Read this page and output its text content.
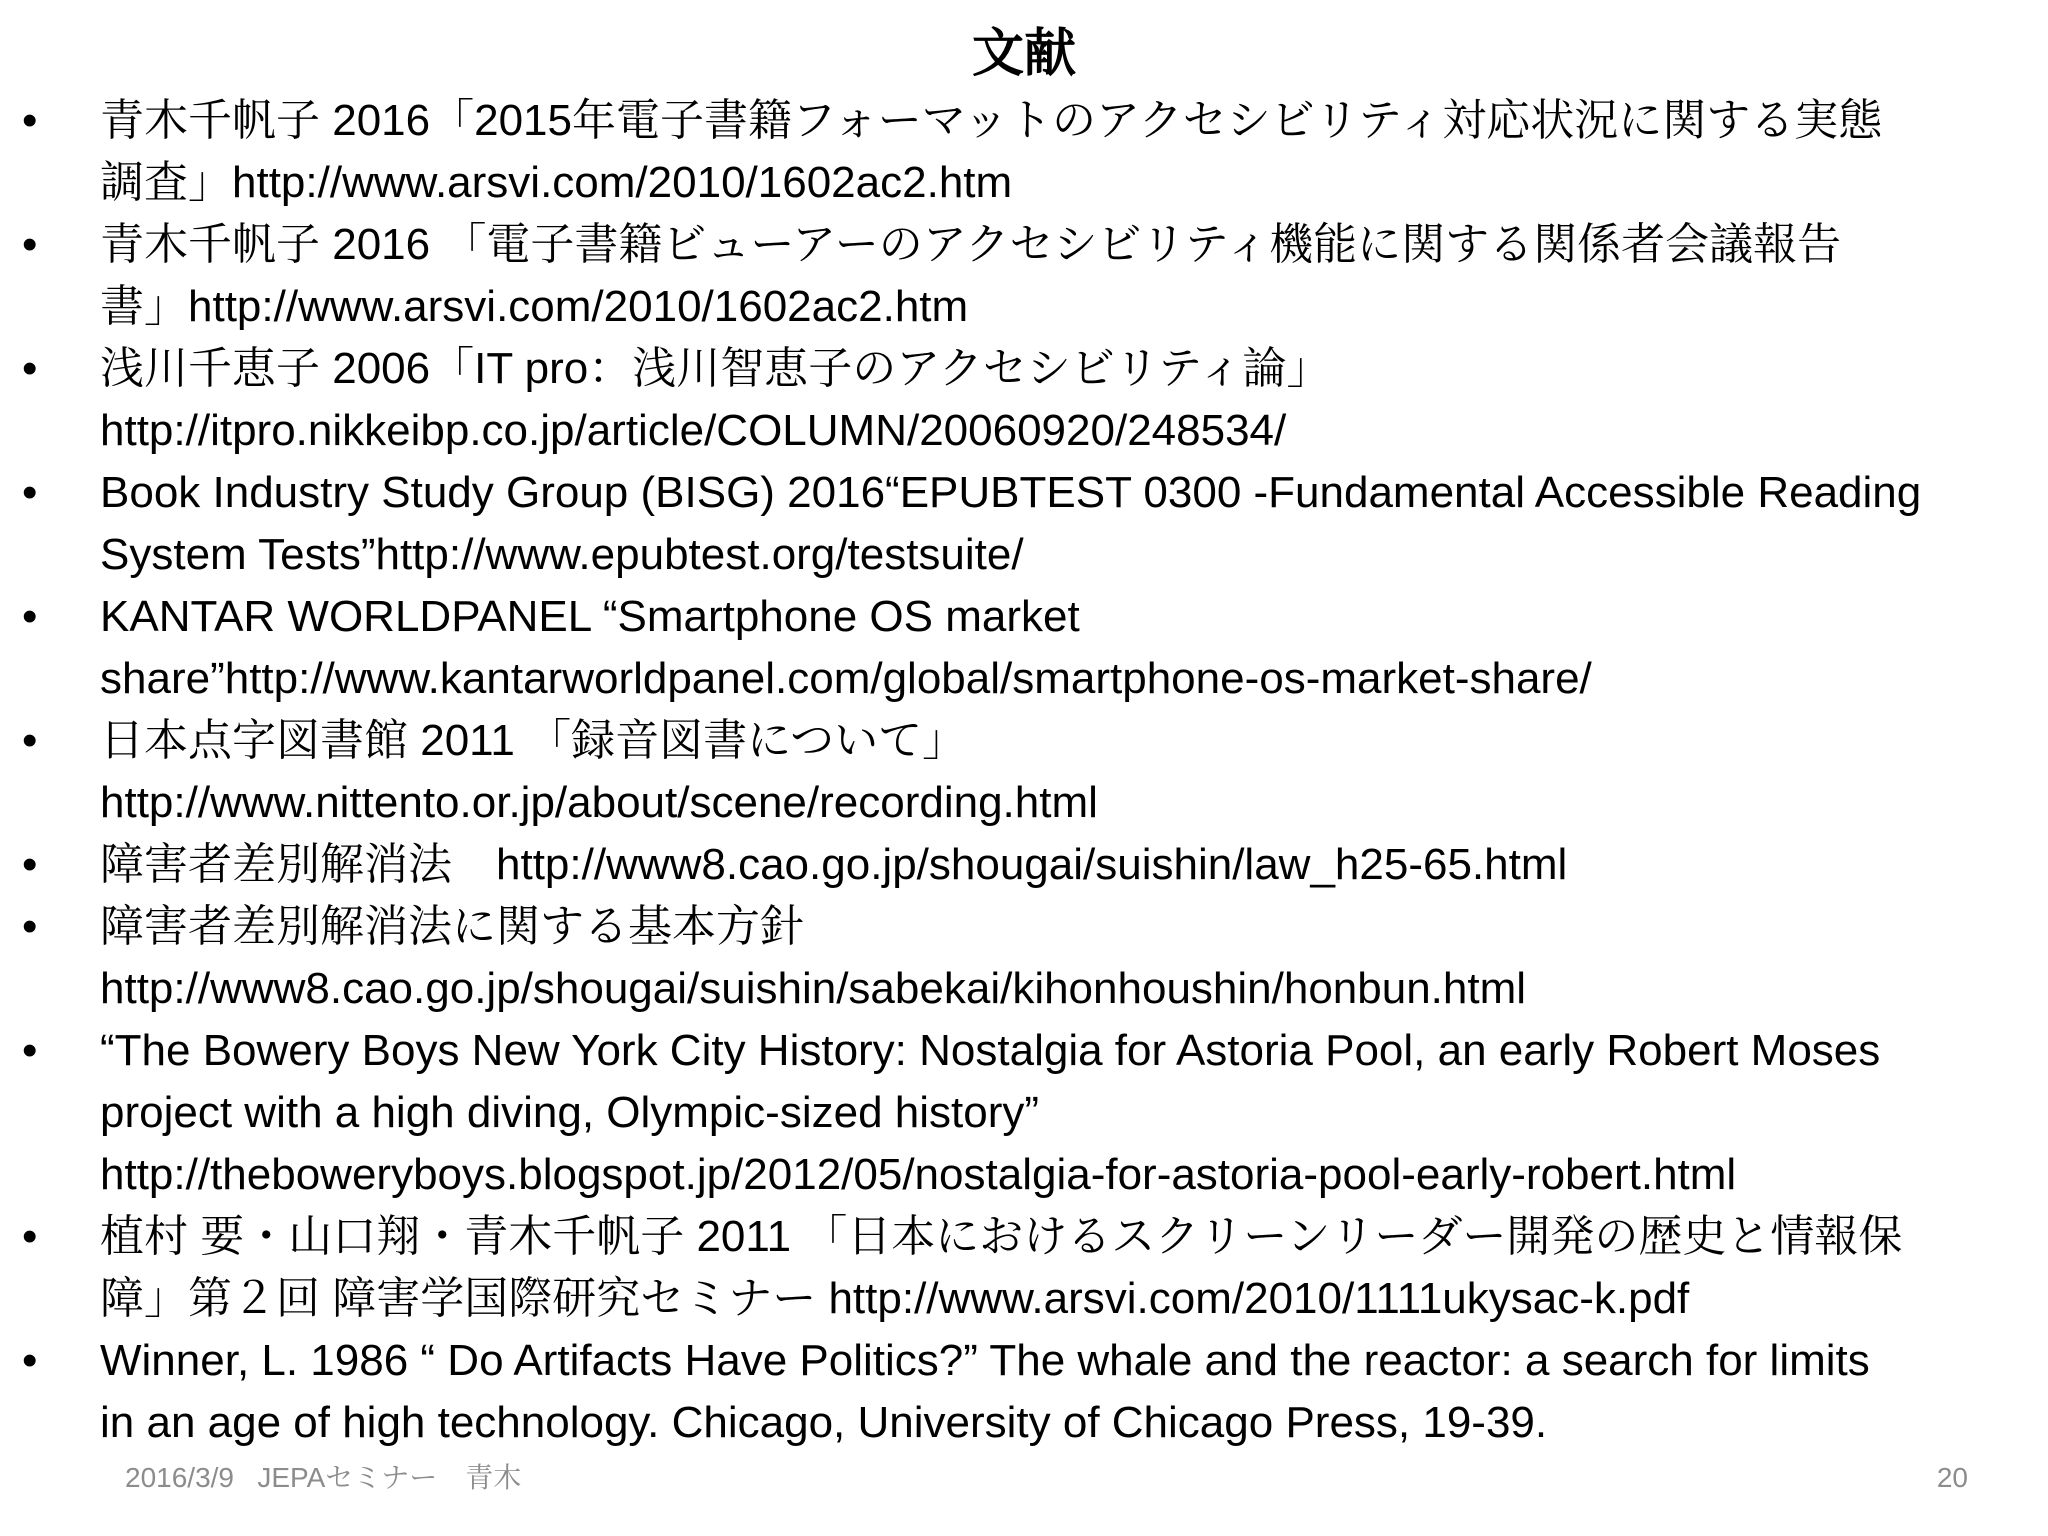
文献
•	青木千帆子 2016「2015年電子書籍フォーマットのアクセシビリティ対応状況に関する実態
調査」http://www.arsvi.com/2010/1602ac2.htm
•	青木千帆子 2016 「電子書籍ビューアーのアクセシビリティ機能に関する関係者会議報告
書」http://www.arsvi.com/2010/1602ac2.htm
•	浅川千恵子 2006「IT pro：浅川智恵子のアクセシビリティ論」
http://itpro.nikkeibp.co.jp/article/COLUMN/20060920/248534/
•	Book Industry Study Group (BISG) 2016“EPUBTEST 0300 -Fundamental Accessible Reading
System Tests”http://www.epubtest.org/testsuite/
•	KANTAR WORLDPANEL “Smartphone OS market
share”http://www.kantarworldpanel.com/global/smartphone-os-market-share/
•	日本点字図書館 2011 「録音図書について」
http://www.nittento.or.jp/about/scene/recording.html
•	障害者差別解消法　http://www8.cao.go.jp/shougai/suishin/law_h25-65.html
•	障害者差別解消法に関する基本方針
http://www8.cao.go.jp/shougai/suishin/sabekai/kihonhoushin/honbun.html
•	“The Bowery Boys New York City History: Nostalgia for Astoria Pool, an early Robert Moses
project with a high diving, Olympic-sized history”
http://theboweryboys.blogspot.jp/2012/05/nostalgia-for-astoria-pool-early-robert.html
•	植村 要・山口翔・青木千帆子 2011 「日本におけるスクリーンリーダー開発の歴史と情報保
障」第２回 障害学国際研究セミナー http://www.arsvi.com/2010/1111ukysac-k.pdf
•	Winner, L. 1986 “ Do Artifacts Have Politics?” The whale and the reactor: a search for limits
in an age of high technology. Chicago, University of Chicago Press, 19-39.
2016/3/9   JEPAセミナー　青木	20
